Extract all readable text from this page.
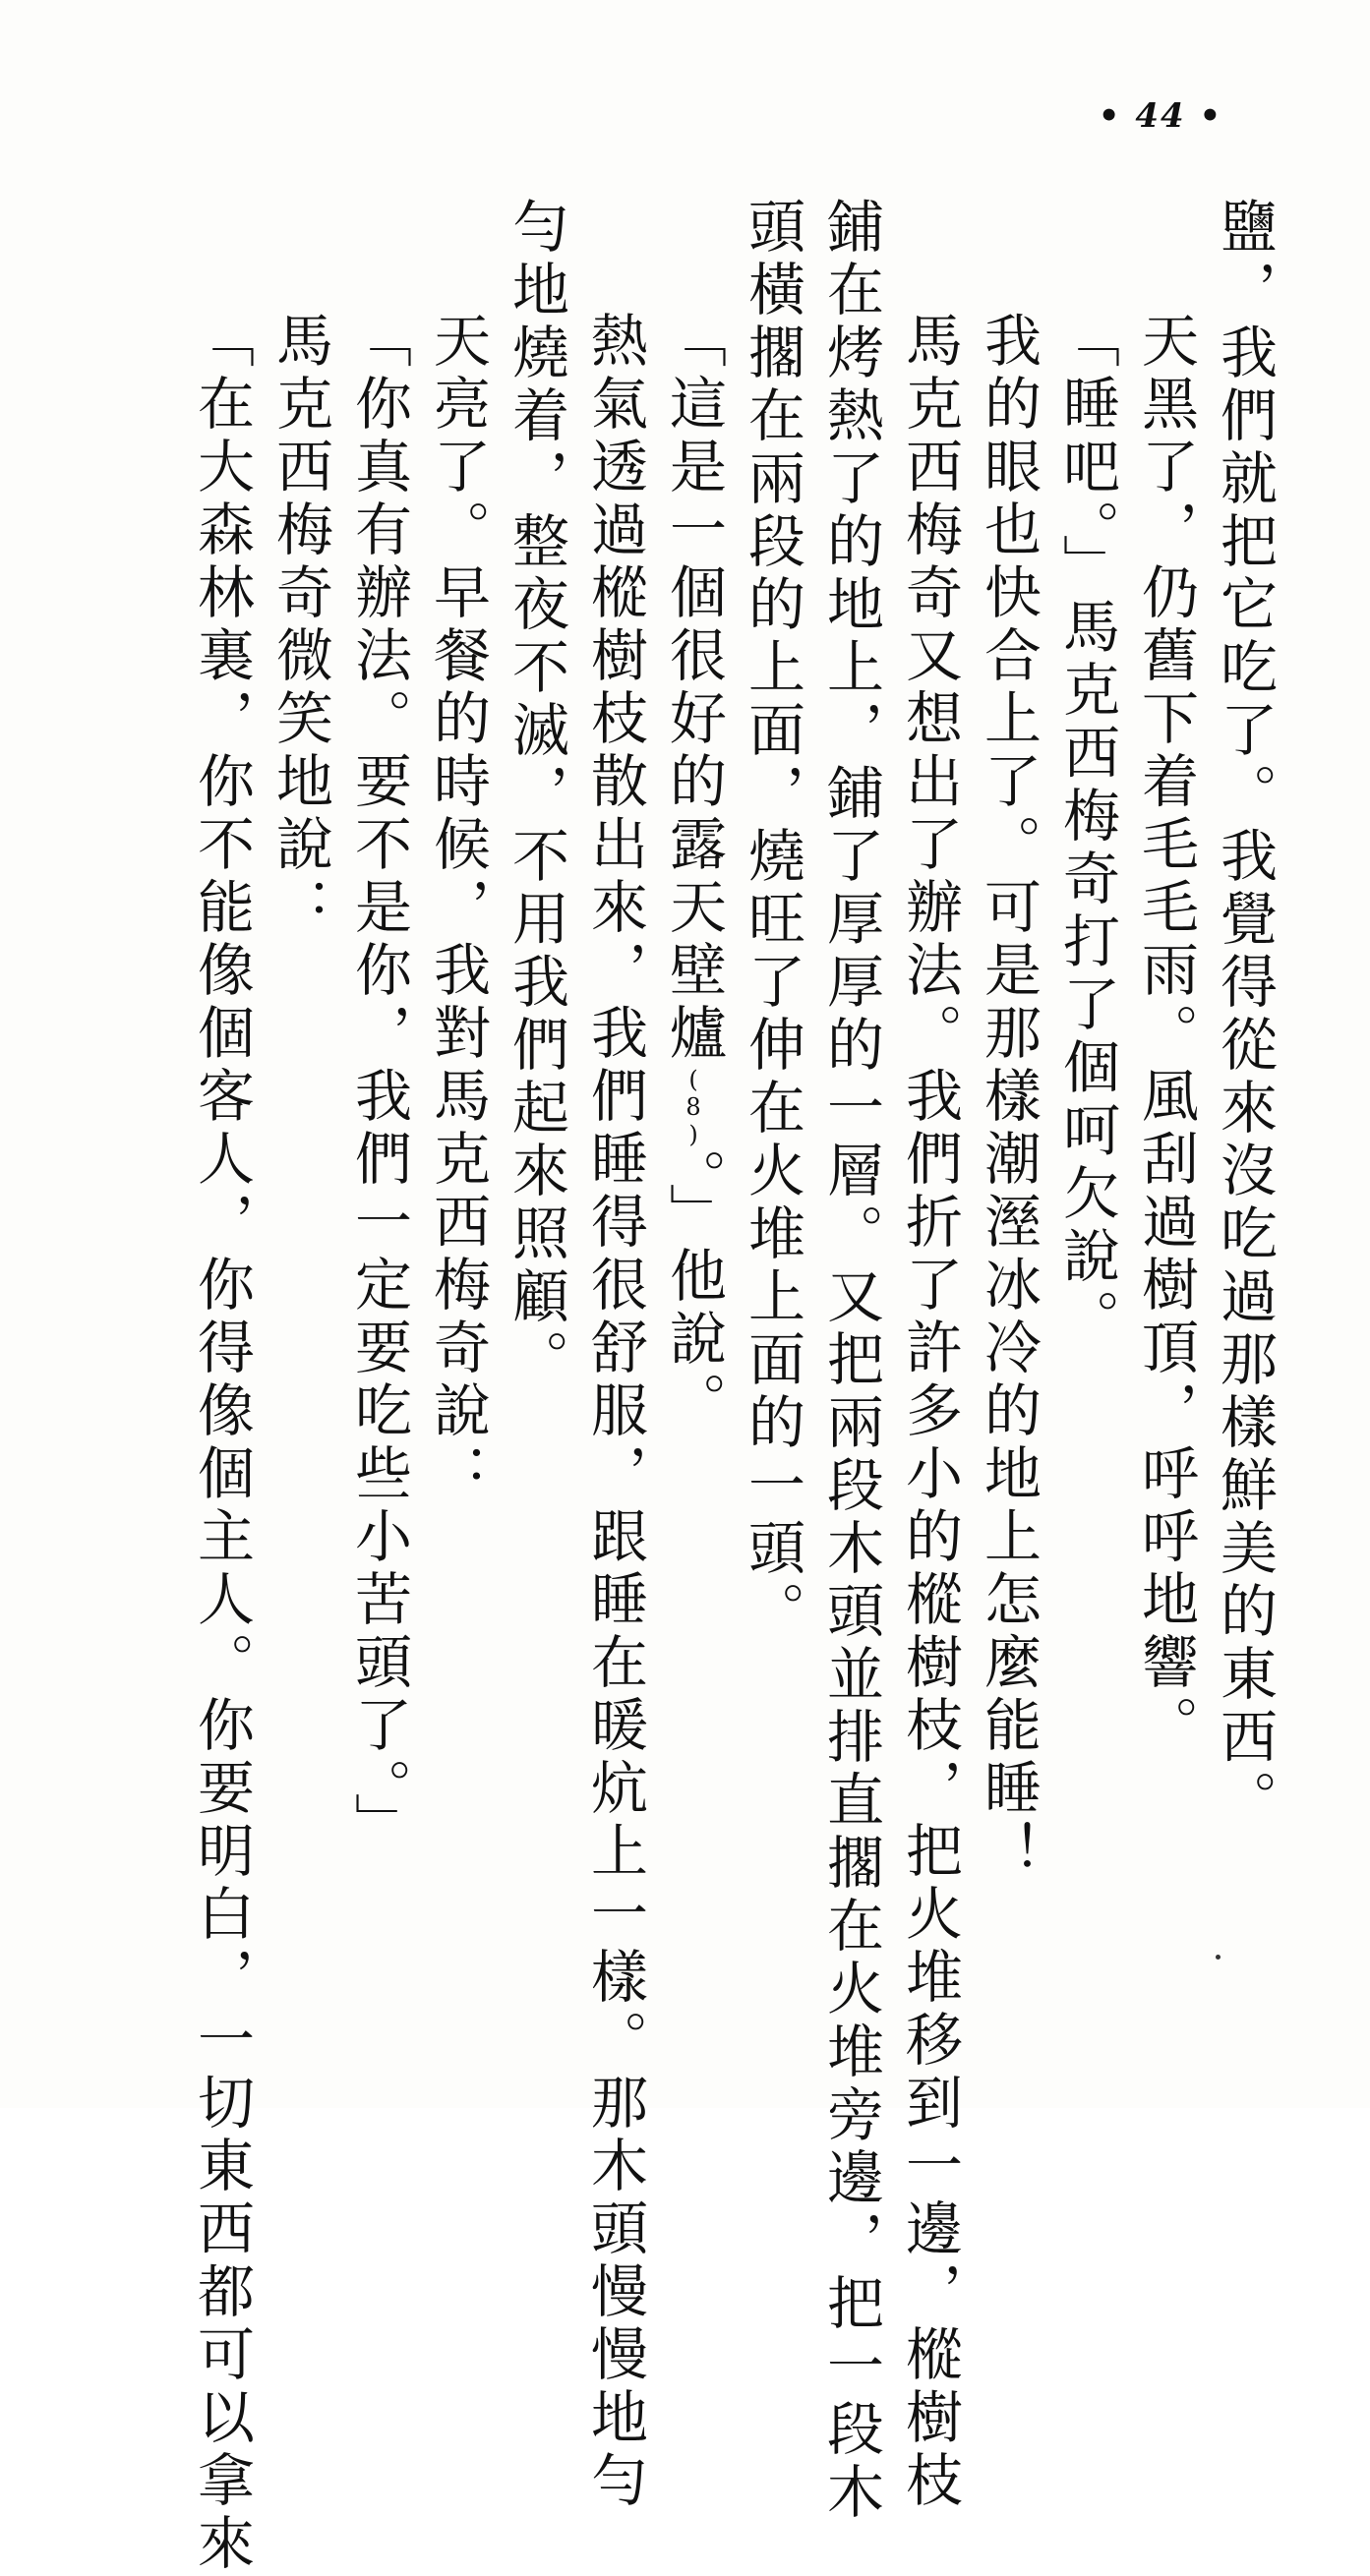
• 44 •
鹽，我們就把它吃了。我覺得從來沒吃過那樣鮮美的東西。
天黑了，仍舊下着毛毛雨。風刮過樹頂，呼呼地響。
「睡吧。」馬克西梅奇打了個呵欠說。
我的眼也快合上了。可是那樣潮溼冰冷的地上怎麼能睡！
馬克西梅奇又想出了辦法。我們折了許多小的樅樹枝，把火堆移到一邊，樅樹枝
鋪在烤熱了的地上，鋪了厚厚的一層。又把兩段木頭並排直擱在火堆旁邊，把一段木
頭橫擱在兩段的上面，燒旺了伸在火堆上面的一頭。
「這是一個很好的露天壁爐(8)。」他說。
熱氣透過樅樹枝散出來，我們睡得很舒服，跟睡在暖炕上一樣。那木頭慢慢地勻
勻地燒着，整夜不滅，不用我們起來照顧。
天亮了。早餐的時候，我對馬克西梅奇說：
「你真有辦法。要不是你，我們一定要吃些小苦頭了。」
馬克西梅奇微笑地說：
「在大森林裏，你不能像個客人，你得像個主人。你要明白，一切東西都可以拿來
